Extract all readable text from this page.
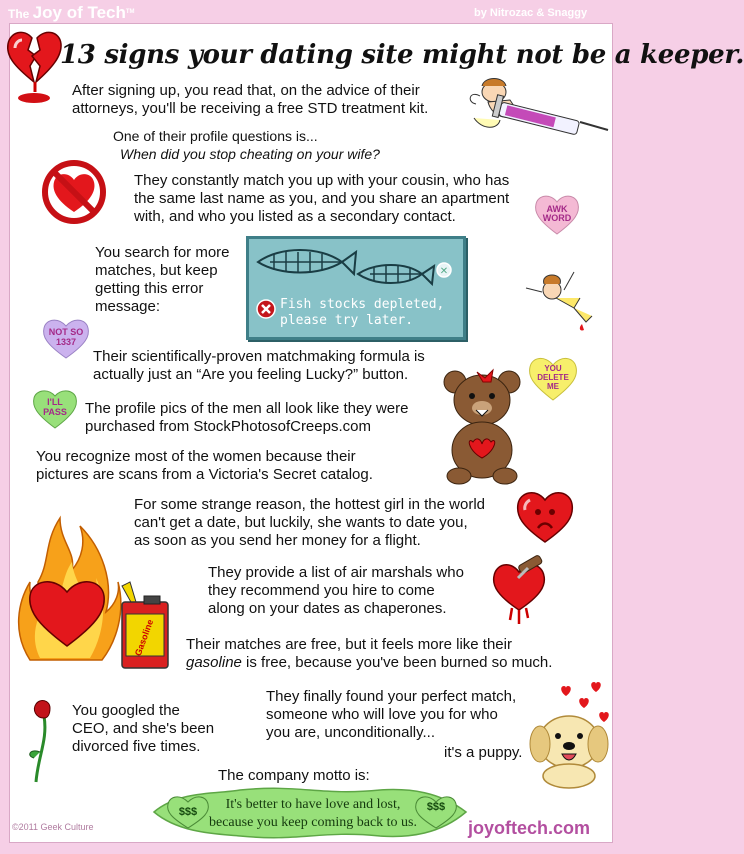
The Joy of Tech™	by Nitrozac & Snaggy
13 signs your dating site might not be a keeper.
After signing up, you read that, on the advice of their
attorneys, you'll be receiving a free STD treatment kit.
One of their profile questions is...
When did you stop cheating on your wife?
They constantly match you up with your cousin, who has
the same last name as you, and you share an apartment
with, and who you listed as a secondary contact.	AWK
WORD
You search for more
matches, but keep
getting this error
message:
✕
Fish stocks depleted,
please try later.
NOT SO
1337
Their scientifically-proven matchmaking formula is
actually just an “Are you feeling Lucky?” button.	YOU
DELETE
ME
I'LL
PASS The profile pics of the men all look like they were
purchased from StockPhotosofCreeps.com
You recognize most of the women because their
pictures are scans from a Victoria's Secret catalog.
For some strange reason, the hottest girl in the world
can't get a date, but luckily, she wants to date you,
as soon as you send her money for a flight.
They provide a list of air marshals who
they recommend you hire to come
along on your dates as chaperones.
Gasoline Their matches are free, but it feels more like their
gasoline is free, because you've been burned so much.
You googled the
CEO, and she's been
divorced five times.
They finally found your perfect match,
someone who will love you for who
you are, unconditionally...
it's a puppy.
The company motto is:
$$$	$$$
It's better to have love and lost,
because you keep coming back to us.
©2011 Geek Culture	joyoftech.com
